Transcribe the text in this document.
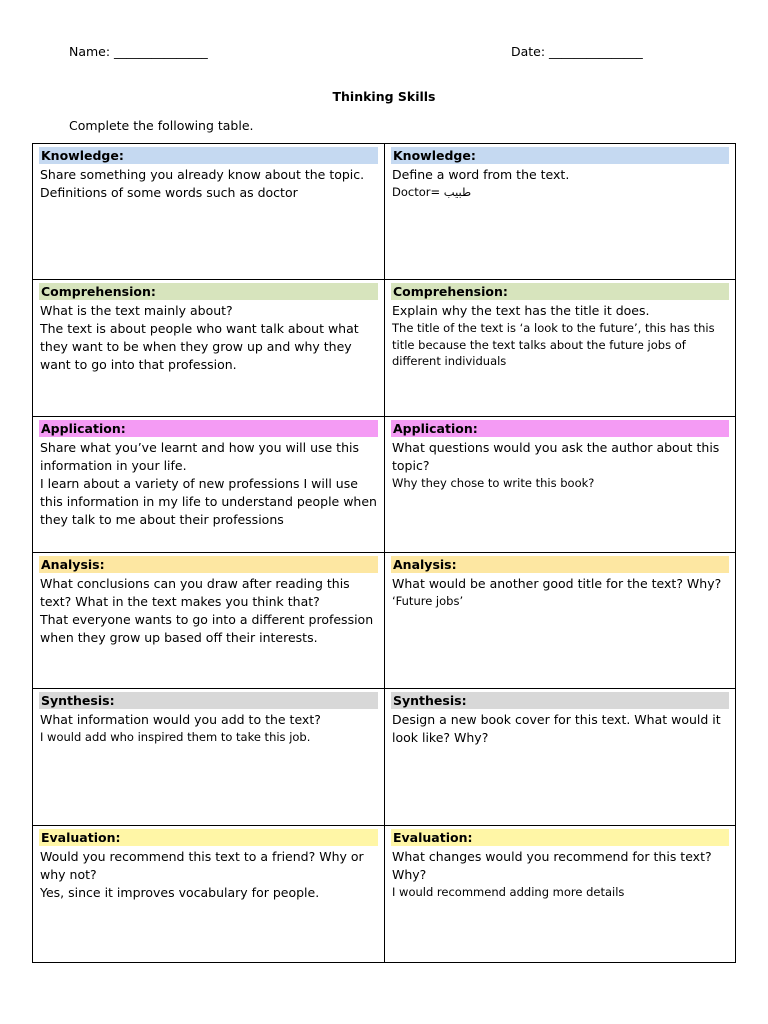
Name: _______________	Date: _______________
Thinking Skills
Complete the following table.
Knowledge:
Share something you already know about the topic.
Definitions of some words such as doctor
Knowledge:
Define a word from the text.
Doctor= طبيب
Comprehension:
What is the text mainly about?
The text is about people who want talk about what they want to be when they grow up and why they want to go into that profession.
Comprehension:
Explain why the text has the title it does.
The title of the text is ‘a look to the future’, this has this title because the text talks about the future jobs of different individuals
Application:
Share what you’ve learnt and how you will use this information in your life.
I learn about a variety of new professions I will use this information in my life to understand people when they talk to me about their professions
Application:
What questions would you ask the author about this topic?
Why they chose to write this book?
Analysis:
What conclusions can you draw after reading this text? What in the text makes you think that?
That everyone wants to go into a different profession when they grow up based off their interests.
Analysis:
What would be another good title for the text? Why?
‘Future jobs’
Synthesis:
What information would you add to the text?
I would add who inspired them to take this job.
Synthesis:
Design a new book cover for this text. What would it look like? Why?
Evaluation:
Would you recommend this text to a friend? Why or why not?
Yes, since it improves vocabulary for people.
Evaluation:
What changes would you recommend for this text? Why?
I would recommend adding more details
